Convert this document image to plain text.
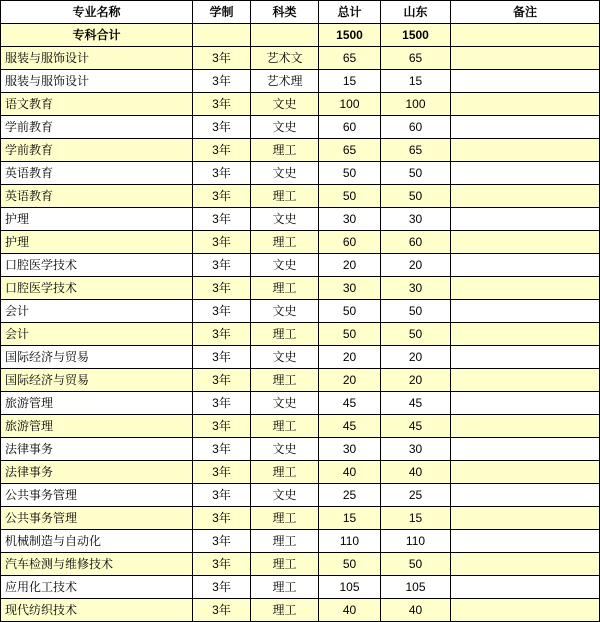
专业名称	学制	科类	总计	山东	备注
专科合计			1500	1500	
服装与服饰设计	3年	艺术文	65	65	
服装与服饰设计	3年	艺术理	15	15	
语文教育	3年	文史	100	100	
学前教育	3年	文史	60	60	
学前教育	3年	理工	65	65	
英语教育	3年	文史	50	50	
英语教育	3年	理工	50	50	
护理	3年	文史	30	30	
护理	3年	理工	60	60	
口腔医学技术	3年	文史	20	20	
口腔医学技术	3年	理工	30	30	
会计	3年	文史	50	50	
会计	3年	理工	50	50	
国际经济与贸易	3年	文史	20	20	
国际经济与贸易	3年	理工	20	20	
旅游管理	3年	文史	45	45	
旅游管理	3年	理工	45	45	
法律事务	3年	文史	30	30	
法律事务	3年	理工	40	40	
公共事务管理	3年	文史	25	25	
公共事务管理	3年	理工	15	15	
机械制造与自动化	3年	理工	110	110	
汽车检测与维修技术	3年	理工	50	50	
应用化工技术	3年	理工	105	105	
现代纺织技术	3年	理工	40	40	
